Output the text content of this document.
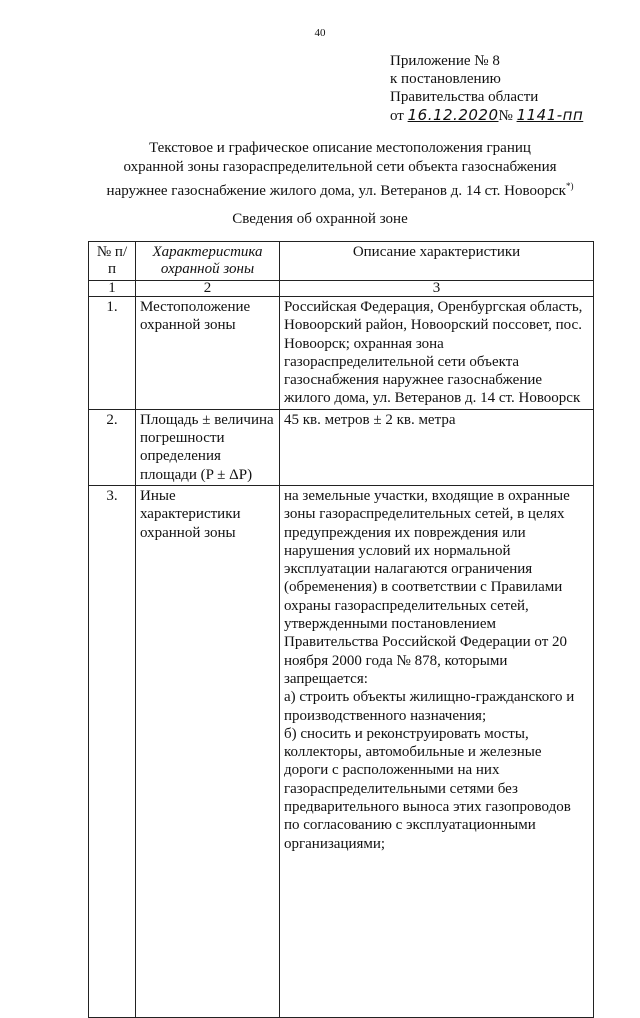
40
Приложение № 8
к постановлению
Правительства области
от 16.12.2020№ 1141-пп
Текстовое и графическое описание местоположения границ
охранной зоны газораспределительной сети объекта газоснабжения
наружнее газоснабжение жилого дома, ул. Ветеранов д. 14 ст. Новоорск*)
Сведения об охранной зоне
№ п/п	Характеристика охранной зоны	Описание характеристики
1	2	3
1.	Местоположение охранной зоны	Российская Федерация, Оренбургская область, Новоорский район, Новоорский поссовет, пос. Новоорск; охранная зона газораспределительной сети объекта газоснабжения наружнее газоснабжение жилого дома, ул. Ветеранов д. 14 ст. Новоорск
2.	Площадь ± величина погрешности определения площади (P ± ΔP)	45 кв. метров ± 2 кв. метра
3.	Иные характеристики охранной зоны	на земельные участки, входящие в охранные зоны газораспределительных сетей, в целях предупреждения их повреждения или нарушения условий их нормальной эксплуатации налагаются ограничения (обременения) в соответствии с Правилами охраны газораспределительных сетей, утвержденными постановлением Правительства Российской Федерации от 20 ноября 2000 года № 878, которыми запрещается:
а) строить объекты жилищно-гражданского и производственного назначения;
б) сносить и реконструировать мосты, коллекторы, автомобильные и железные дороги с расположенными на них газораспределительными сетями без предварительного выноса этих газопроводов по согласованию с эксплуатационными организациями;
